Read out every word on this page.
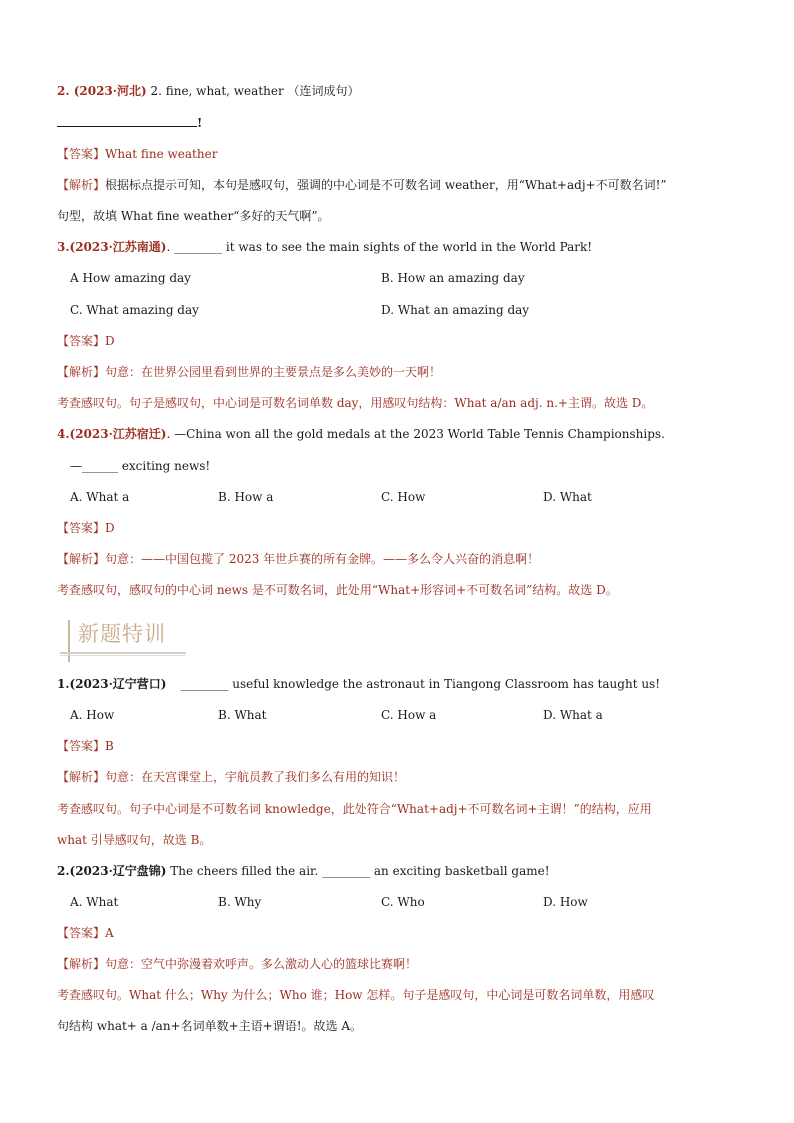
2. (2023·河北) 2. fine, what, weather （连词成句）
!
【答案】What fine weather
【解析】根据标点提示可知，本句是感叹句，强调的中心词是不可数名词 weather，用“What+adj+不可数名词!”
句型，故填 What fine weather“多好的天气啊”。
3.(2023·江苏南通). ________ it was to see the main sights of the world in the World Park!
A How amazing day	B. How an amazing day
C. What amazing day	D. What an amazing day
【答案】D
【解析】句意：在世界公园里看到世界的主要景点是多么美妙的一天啊！
考查感叹句。句子是感叹句，中心词是可数名词单数 day，用感叹句结构：What a/an adj. n.+主谓。故选 D。
4.(2023·江苏宿迁). —China won all the gold medals at the 2023 World Table Tennis Championships.
—______ exciting news!
A. What a	B. How a	C. How	D. What
【答案】D
【解析】句意：——中国包揽了 2023 年世乒赛的所有金牌。——多么令人兴奋的消息啊！
考查感叹句，感叹句的中心词 news 是不可数名词，此处用“What+形容词+不可数名词”结构。故选 D。
新题特训
1.(2023·辽宁营口) ________ useful knowledge the astronaut in Tiangong Classroom has taught us!
A. How	B. What	C. How a	D. What a
【答案】B
【解析】句意：在天宫课堂上，宇航员教了我们多么有用的知识！
考查感叹句。句子中心词是不可数名词 knowledge，此处符合“What+adj+不可数名词+主谓！”的结构，应用
what 引导感叹句，故选 B。
2.(2023·辽宁盘锦) The cheers filled the air. ________ an exciting basketball game!
A. What	B. Why	C. Who	D. How
【答案】A
【解析】句意：空气中弥漫着欢呼声。多么激动人心的篮球比赛啊！
考查感叹句。What 什么；Why 为什么；Who 谁；How 怎样。句子是感叹句，中心词是可数名词单数，用感叹
句结构 what+ a /an+名词单数+主语+谓语!。故选 A。
